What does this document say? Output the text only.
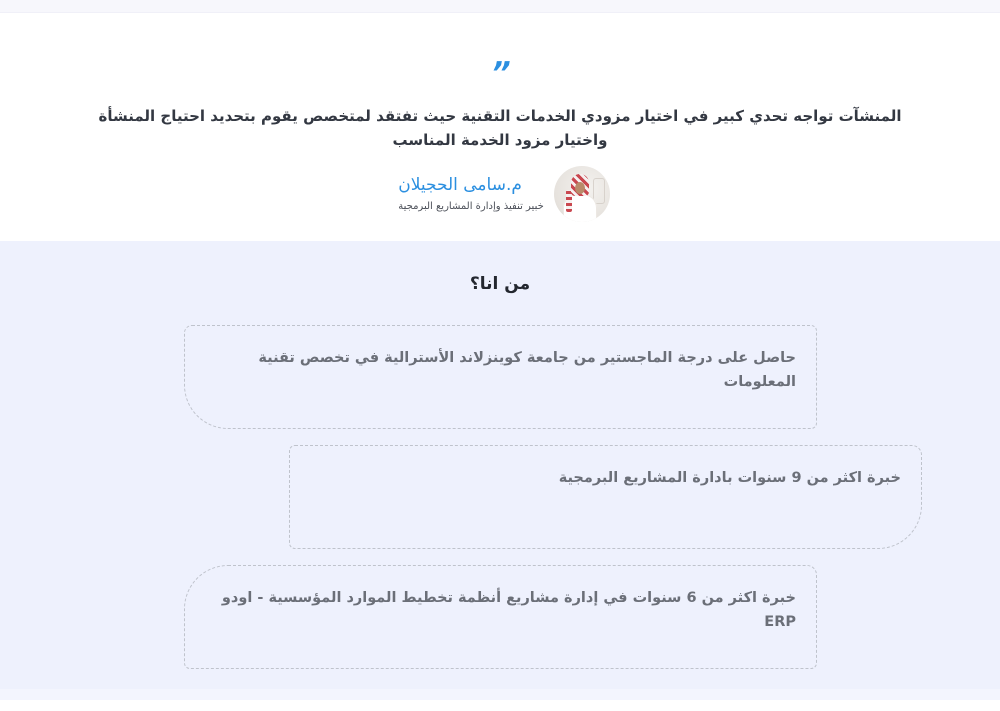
”

المنشآت تواجه تحدي كبير في اختيار مزودي الخدمات التقنية حيث تفتقد لمتخصص يقوم بتحديد احتياج المنشأة واختيار مزود الخدمة المناسب

م.سامى الحجيلان
خبير تنفيذ وإدارة المشاريع البرمجية
من انا؟

حاصل على درجة الماجستير من جامعة كوينزلاند الأسترالية في تخصص تقنية المعلومات

خبرة اكثر من 9 سنوات بادارة المشاريع البرمجية

خبرة اكثر من 6 سنوات في إدارة مشاريع أنظمة تخطيط الموارد المؤسسية - اودو ERP
